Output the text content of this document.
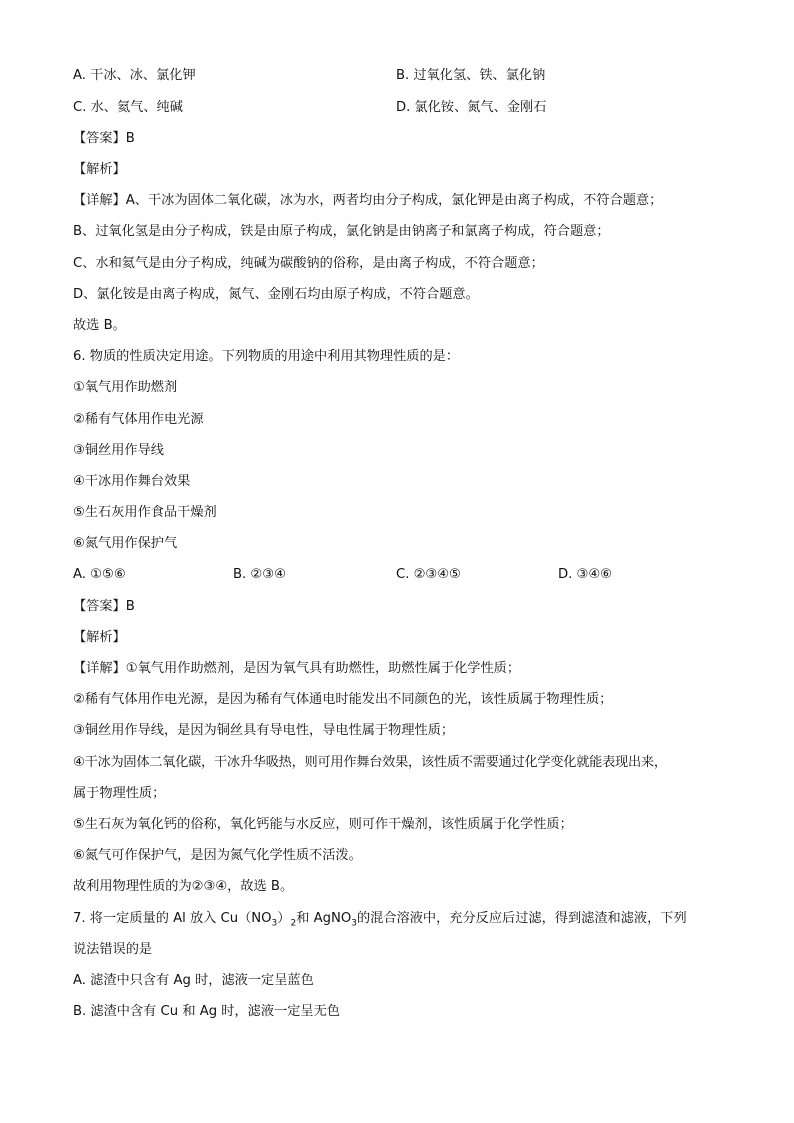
A. 干冰、冰、氯化钾	B. 过氧化氢、铁、氯化钠
C. 水、氦气、纯碱	D. 氯化铵、氮气、金刚石
【答案】B
【解析】
【详解】A、干冰为固体二氧化碳，冰为水，两者均由分子构成，氯化钾是由离子构成，不符合题意；
B、过氧化氢是由分子构成，铁是由原子构成，氯化钠是由钠离子和氯离子构成，符合题意；
C、水和氦气是由分子构成，纯碱为碳酸钠的俗称，是由离子构成，不符合题意；
D、氯化铵是由离子构成，氮气、金刚石均由原子构成，不符合题意。
故选 B。
6. 物质的性质决定用途。下列物质的用途中利用其物理性质的是：
①氧气用作助燃剂
②稀有气体用作电光源
③铜丝用作导线
④干冰用作舞台效果
⑤生石灰用作食品干燥剂
⑥氮气用作保护气
A. ①⑤⑥	B. ②③④	C. ②③④⑤	D. ③④⑥
【答案】B
【解析】
【详解】①氧气用作助燃剂，是因为氧气具有助燃性，助燃性属于化学性质；
②稀有气体用作电光源，是因为稀有气体通电时能发出不同颜色的光，该性质属于物理性质；
③铜丝用作导线，是因为铜丝具有导电性，导电性属于物理性质；
④干冰为固体二氧化碳，干冰升华吸热，则可用作舞台效果，该性质不需要通过化学变化就能表现出来，
属于物理性质；
⑤生石灰为氧化钙的俗称，氧化钙能与水反应，则可作干燥剂，该性质属于化学性质；
⑥氮气可作保护气，是因为氮气化学性质不活泼。
故利用物理性质的为②③④，故选 B。
7. 将一定质量的 Al 放入 $Cu(NO_3)_2$和 AgNO$_3$的混合溶液中，充分反应后过滤，得到滤渣和滤液，下列
说法错误的是
A. 滤渣中只含有 Ag 时，滤液一定呈蓝色
B. 滤渣中含有 Cu 和 Ag 时，滤液一定呈无色
